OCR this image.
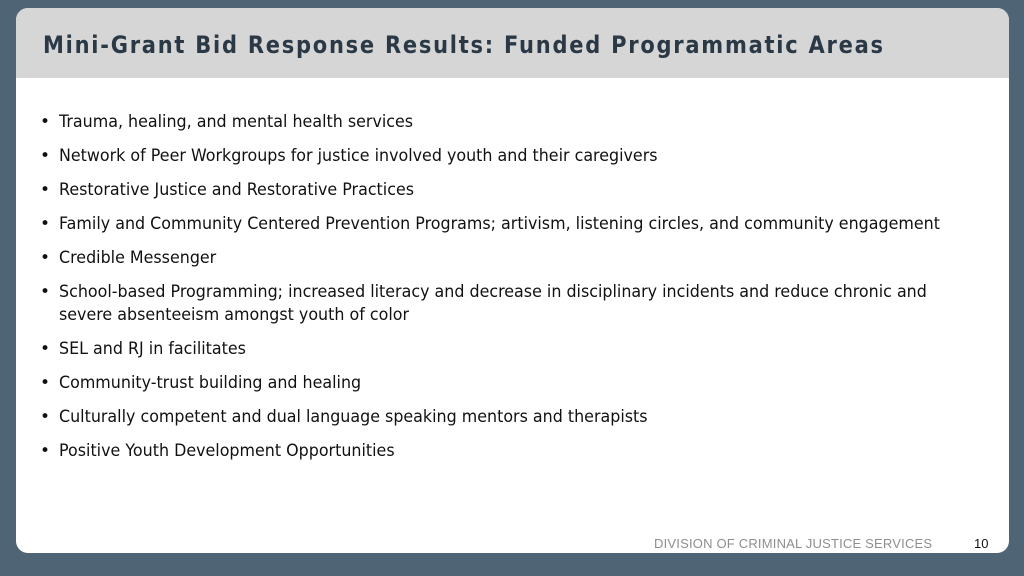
Mini-Grant Bid Response Results: Funded Programmatic Areas
• Trauma, healing, and mental health services
• Network of Peer Workgroups for justice involved youth and their caregivers
• Restorative Justice and Restorative Practices
• Family and Community Centered Prevention Programs; artivism, listening circles, and community engagement
• Credible Messenger
• School-based Programming; increased literacy and decrease in disciplinary incidents and reduce chronic and severe absenteeism amongst youth of color
• SEL and RJ in facilitates
• Community-trust building and healing
• Culturally competent and dual language speaking mentors and therapists
• Positive Youth Development Opportunities
DIVISION OF CRIMINAL JUSTICE SERVICES	10
